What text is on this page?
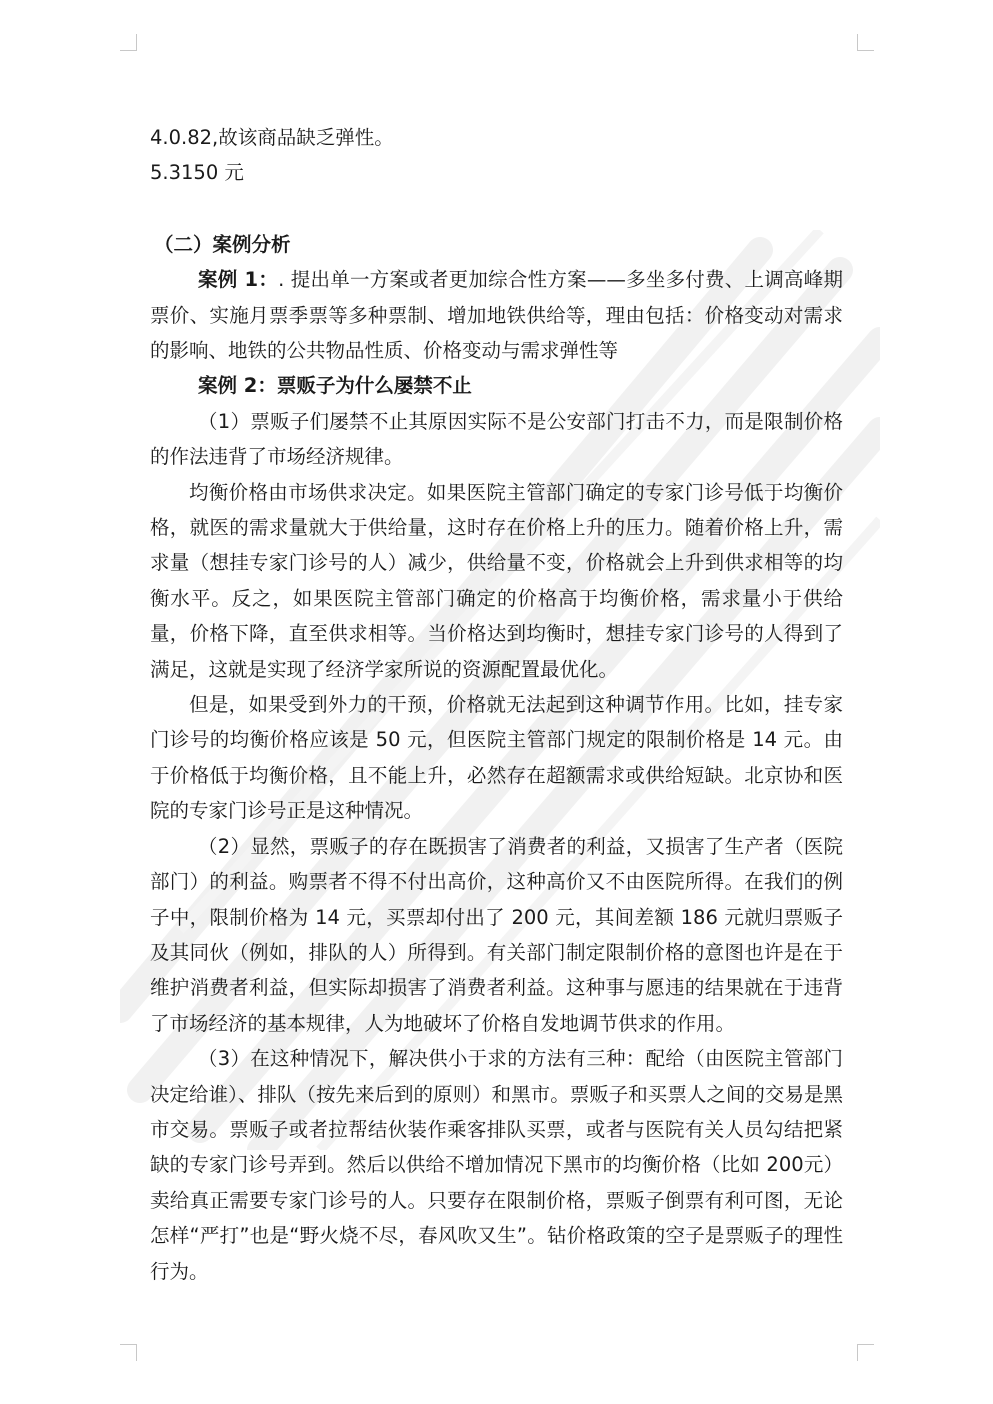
4.0.82,故该商品缺乏弹性。
5.3150 元

（二）案例分析

案例 1：. 提出单一方案或者更加综合性方案——多坐多付费、上调高峰期票价、实施月票季票等多种票制、增加地铁供给等，理由包括：价格变动对需求的影响、地铁的公共物品性质、价格变动与需求弹性等

案例 2：票贩子为什么屡禁不止

（1）票贩子们屡禁不止其原因实际不是公安部门打击不力，而是限制价格的作法违背了市场经济规律。

均衡价格由市场供求决定。如果医院主管部门确定的专家门诊号低于均衡价格，就医的需求量就大于供给量，这时存在价格上升的压力。随着价格上升，需求量（想挂专家门诊号的人）减少，供给量不变，价格就会上升到供求相等的均衡水平。反之，如果医院主管部门确定的价格高于均衡价格，需求量小于供给量，价格下降，直至供求相等。当价格达到均衡时，想挂专家门诊号的人得到了满足，这就是实现了经济学家所说的资源配置最优化。

但是，如果受到外力的干预，价格就无法起到这种调节作用。比如，挂专家门诊号的均衡价格应该是 50 元，但医院主管部门规定的限制价格是 14 元。由于价格低于均衡价格，且不能上升，必然存在超额需求或供给短缺。北京协和医院的专家门诊号正是这种情况。

（2）显然，票贩子的存在既损害了消费者的利益，又损害了生产者（医院部门）的利益。购票者不得不付出高价，这种高价又不由医院所得。在我们的例子中，限制价格为 14 元，买票却付出了 200 元，其间差额 186 元就归票贩子及其同伙（例如，排队的人）所得到。有关部门制定限制价格的意图也许是在于维护消费者利益，但实际却损害了消费者利益。这种事与愿违的结果就在于违背了市场经济的基本规律，人为地破坏了价格自发地调节供求的作用。

（3）在这种情况下，解决供小于求的方法有三种：配给（由医院主管部门决定给谁）、排队（按先来后到的原则）和黑市。票贩子和买票人之间的交易是黑市交易。票贩子或者拉帮结伙装作乘客排队买票，或者与医院有关人员勾结把紧缺的专家门诊号弄到。然后以供给不增加情况下黑市的均衡价格（比如 200元）卖给真正需要专家门诊号的人。只要存在限制价格，票贩子倒票有利可图，无论怎样“严打”也是“野火烧不尽，春风吹又生”。钻价格政策的空子是票贩子的理性行为。
